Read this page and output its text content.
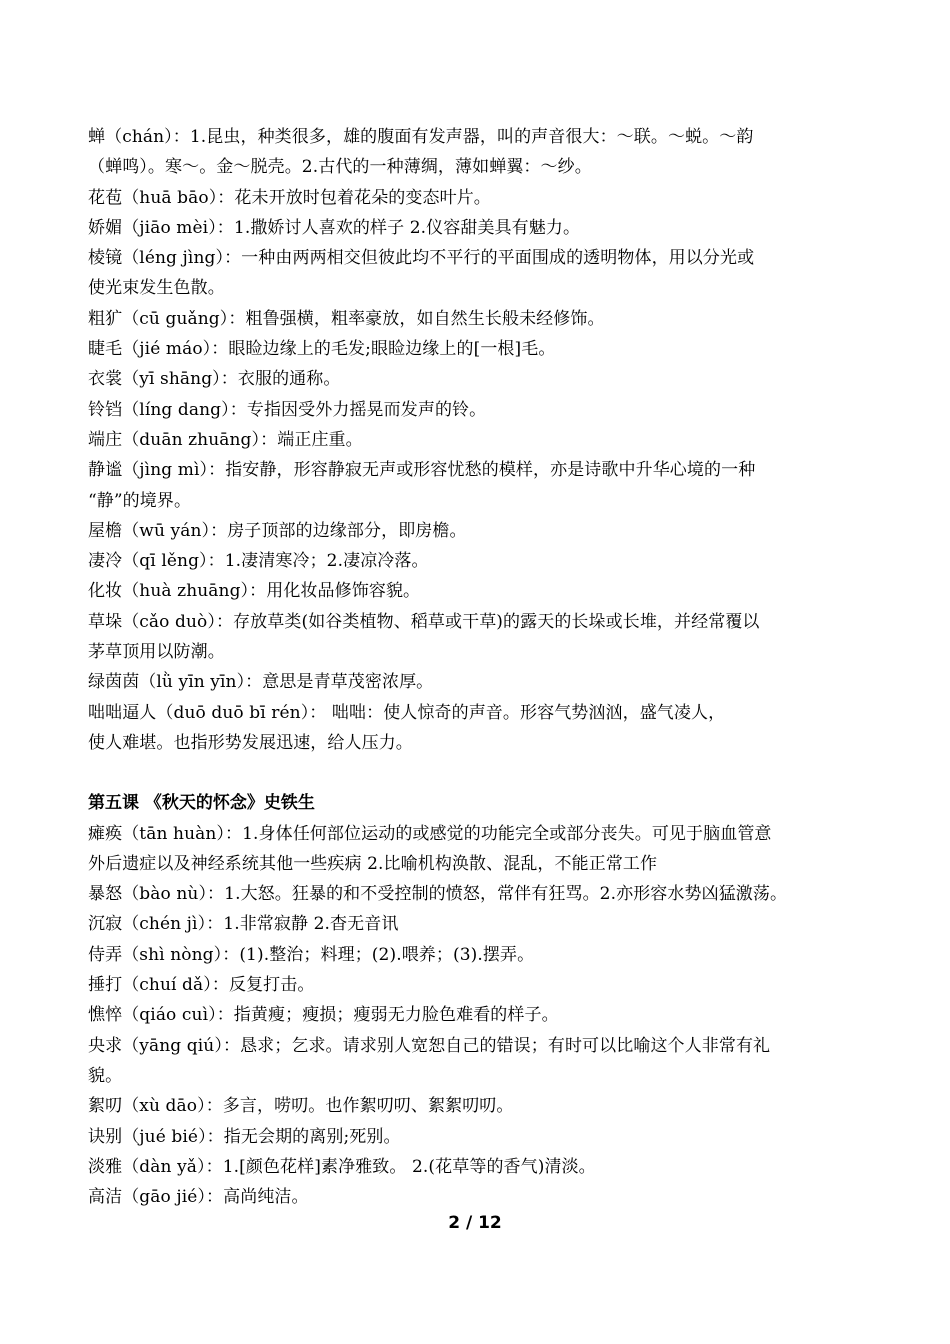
蝉（chán）：1.昆虫，种类很多，雄的腹面有发声器，叫的声音很大：～联。～蜕。～韵
（蝉鸣）。寒～。金～脱壳。2.古代的一种薄绸，薄如蝉翼：～纱。
花苞（huā bāo）：花未开放时包着花朵的变态叶片。
娇媚（jiāo mèi）：1.撒娇讨人喜欢的样子 2.仪容甜美具有魅力。
棱镜（léng jìng）：一种由两两相交但彼此均不平行的平面围成的透明物体，用以分光或
使光束发生色散。
粗犷（cū guǎng）：粗鲁强横，粗率豪放，如自然生长般未经修饰。
睫毛（jié máo）：眼睑边缘上的毛发;眼睑边缘上的[一根]毛。
衣裳（yī shāng）：衣服的通称。
铃铛（líng dang）：专指因受外力摇晃而发声的铃。
端庄（duān zhuāng）：端正庄重。
静谧（jìng mì）：指安静，形容静寂无声或形容忧愁的模样，亦是诗歌中升华心境的一种
“静”的境界。
屋檐（wū yán）：房子顶部的边缘部分，即房檐。
凄冷（qī lěng）：1.凄清寒冷；2.凄凉冷落。
化妆（huà zhuāng）：用化妆品修饰容貌。
草垛（cǎo duò）：存放草类(如谷类植物、稻草或干草)的露天的长垛或长堆，并经常覆以
茅草顶用以防潮。
绿茵茵（lǜ yīn yīn）：意思是青草茂密浓厚。
咄咄逼人（duō duō bī rén）： 咄咄：使人惊奇的声音。形容气势汹汹，盛气凌人，
使人难堪。也指形势发展迅速，给人压力。
第五课 《秋天的怀念》史铁生
瘫痪（tān huàn）：1.身体任何部位运动的或感觉的功能完全或部分丧失。可见于脑血管意
外后遗症以及神经系统其他一些疾病 2.比喻机构涣散、混乱，不能正常工作
暴怒（bào nù）：1.大怒。狂暴的和不受控制的愤怒，常伴有狂骂。2.亦形容水势凶猛激荡。
沉寂（chén jì）：1.非常寂静 2.杳无音讯
侍弄（shì nòng）：(1).整治；料理；(2).喂养；(3).摆弄。
捶打（chuí dǎ）：反复打击。
憔悴（qiáo cuì）：指黄瘦；瘦损；瘦弱无力脸色难看的样子。
央求（yāng qiú）：恳求；乞求。请求别人宽恕自己的错误；有时可以比喻这个人非常有礼
貌。
絮叨（xù dāo）：多言，唠叨。也作絮叨叨、絮絮叨叨。
诀别（jué bié）：指无会期的离别;死别。
淡雅（dàn yǎ）：1.[颜色花样]素净雅致。 2.(花草等的香气)清淡。
高洁（gāo jié）：高尚纯洁。
2 / 12
